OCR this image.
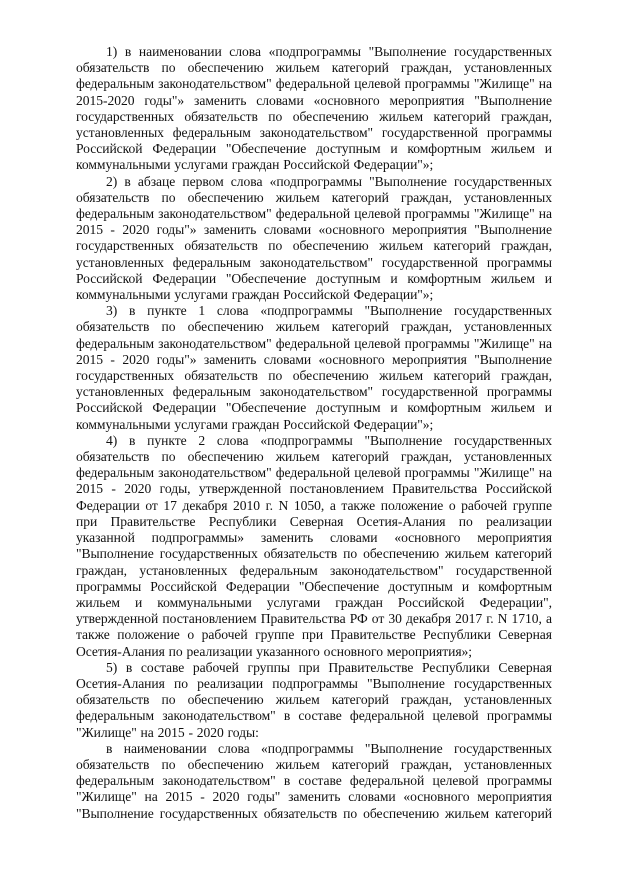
1) в наименовании слова «подпрограммы "Выполнение государственных обязательств по обеспечению жильем категорий граждан, установленных федеральным законодательством" федеральной целевой программы "Жилище" на 2015-2020 годы"» заменить словами «основного мероприятия "Выполнение государственных обязательств по обеспечению жильем категорий граждан, установленных федеральным законодательством" государственной программы Российской Федерации "Обеспечение доступным и комфортным жильем и коммунальными услугами граждан Российской Федерации"»;

2) в абзаце первом слова «подпрограммы "Выполнение государственных обязательств по обеспечению жильем категорий граждан, установленных федеральным законодательством" федеральной целевой программы "Жилище" на 2015 - 2020 годы"» заменить словами «основного мероприятия "Выполнение государственных обязательств по обеспечению жильем категорий граждан, установленных федеральным законодательством" государственной программы Российской Федерации "Обеспечение доступным и комфортным жильем и коммунальными услугами граждан Российской Федерации"»;

3) в пункте 1 слова «подпрограммы "Выполнение государственных обязательств по обеспечению жильем категорий граждан, установленных федеральным законодательством" федеральной целевой программы "Жилище" на 2015 - 2020 годы"» заменить словами «основного мероприятия "Выполнение государственных обязательств по обеспечению жильем категорий граждан, установленных федеральным законодательством" государственной программы Российской Федерации "Обеспечение доступным и комфортным жильем и коммунальными услугами граждан Российской Федерации"»;

4) в пункте 2 слова «подпрограммы "Выполнение государственных обязательств по обеспечению жильем категорий граждан, установленных федеральным законодательством" федеральной целевой программы "Жилище" на 2015 - 2020 годы, утвержденной постановлением Правительства Российской Федерации от 17 декабря 2010 г. N 1050, а также положение о рабочей группе при Правительстве Республики Северная Осетия-Алания по реализации указанной подпрограммы» заменить словами «основного мероприятия "Выполнение государственных обязательств по обеспечению жильем категорий граждан, установленных федеральным законодательством" государственной программы Российской Федерации "Обеспечение доступным и комфортным жильем и коммунальными услугами граждан Российской Федерации", утвержденной постановлением Правительства РФ от 30 декабря 2017 г. N 1710, а также положение о рабочей группе при Правительстве Республики Северная Осетия-Алания по реализации указанного основного мероприятия»;

5) в составе рабочей группы при Правительстве Республики Северная Осетия-Алания по реализации подпрограммы "Выполнение государственных обязательств по обеспечению жильем категорий граждан, установленных федеральным законодательством" в составе федеральной целевой программы "Жилище" на 2015 - 2020 годы:

в наименовании слова «подпрограммы "Выполнение государственных обязательств по обеспечению жильем категорий граждан, установленных федеральным законодательством" в составе федеральной целевой программы "Жилище" на 2015 - 2020 годы" заменить словами «основного мероприятия "Выполнение государственных обязательств по обеспечению жильем категорий
